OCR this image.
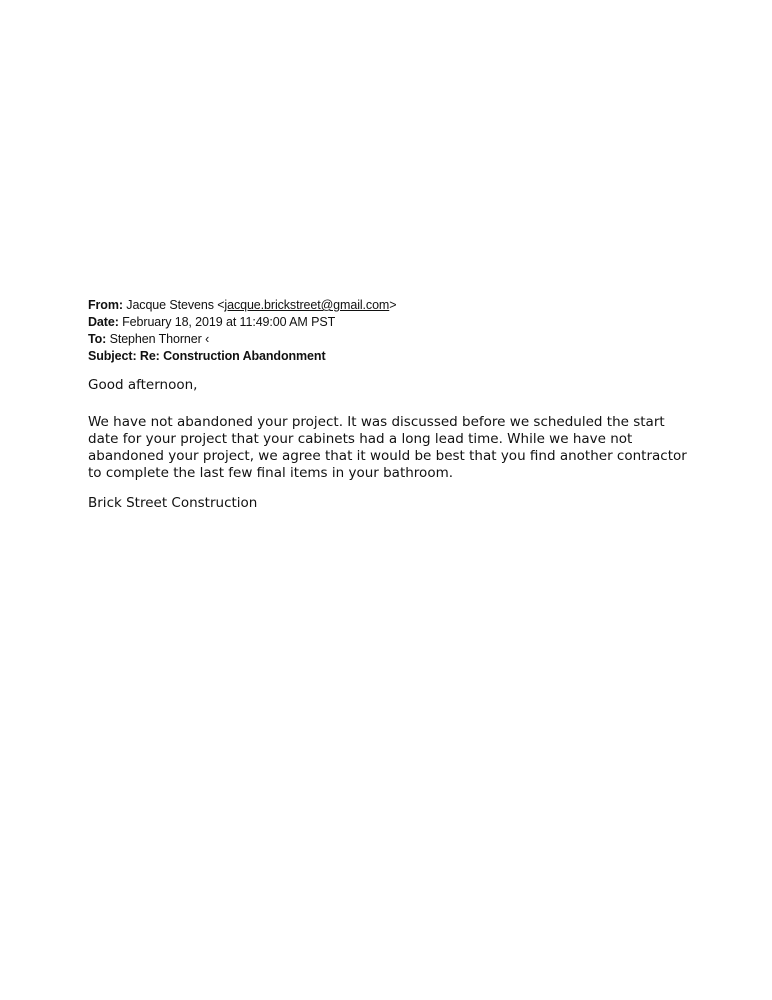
From: Jacque Stevens <jacque.brickstreet@gmail.com>
Date: February 18, 2019 at 11:49:00 AM PST
To: Stephen Thorner ‹
Subject: Re: Construction Abandonment
Good afternoon,
We have not abandoned your project. It was discussed before we scheduled the start date for your project that your cabinets had a long lead time. While we have not abandoned your project, we agree that it would be best that you find another contractor to complete the last few final items in your bathroom.
Brick Street Construction
